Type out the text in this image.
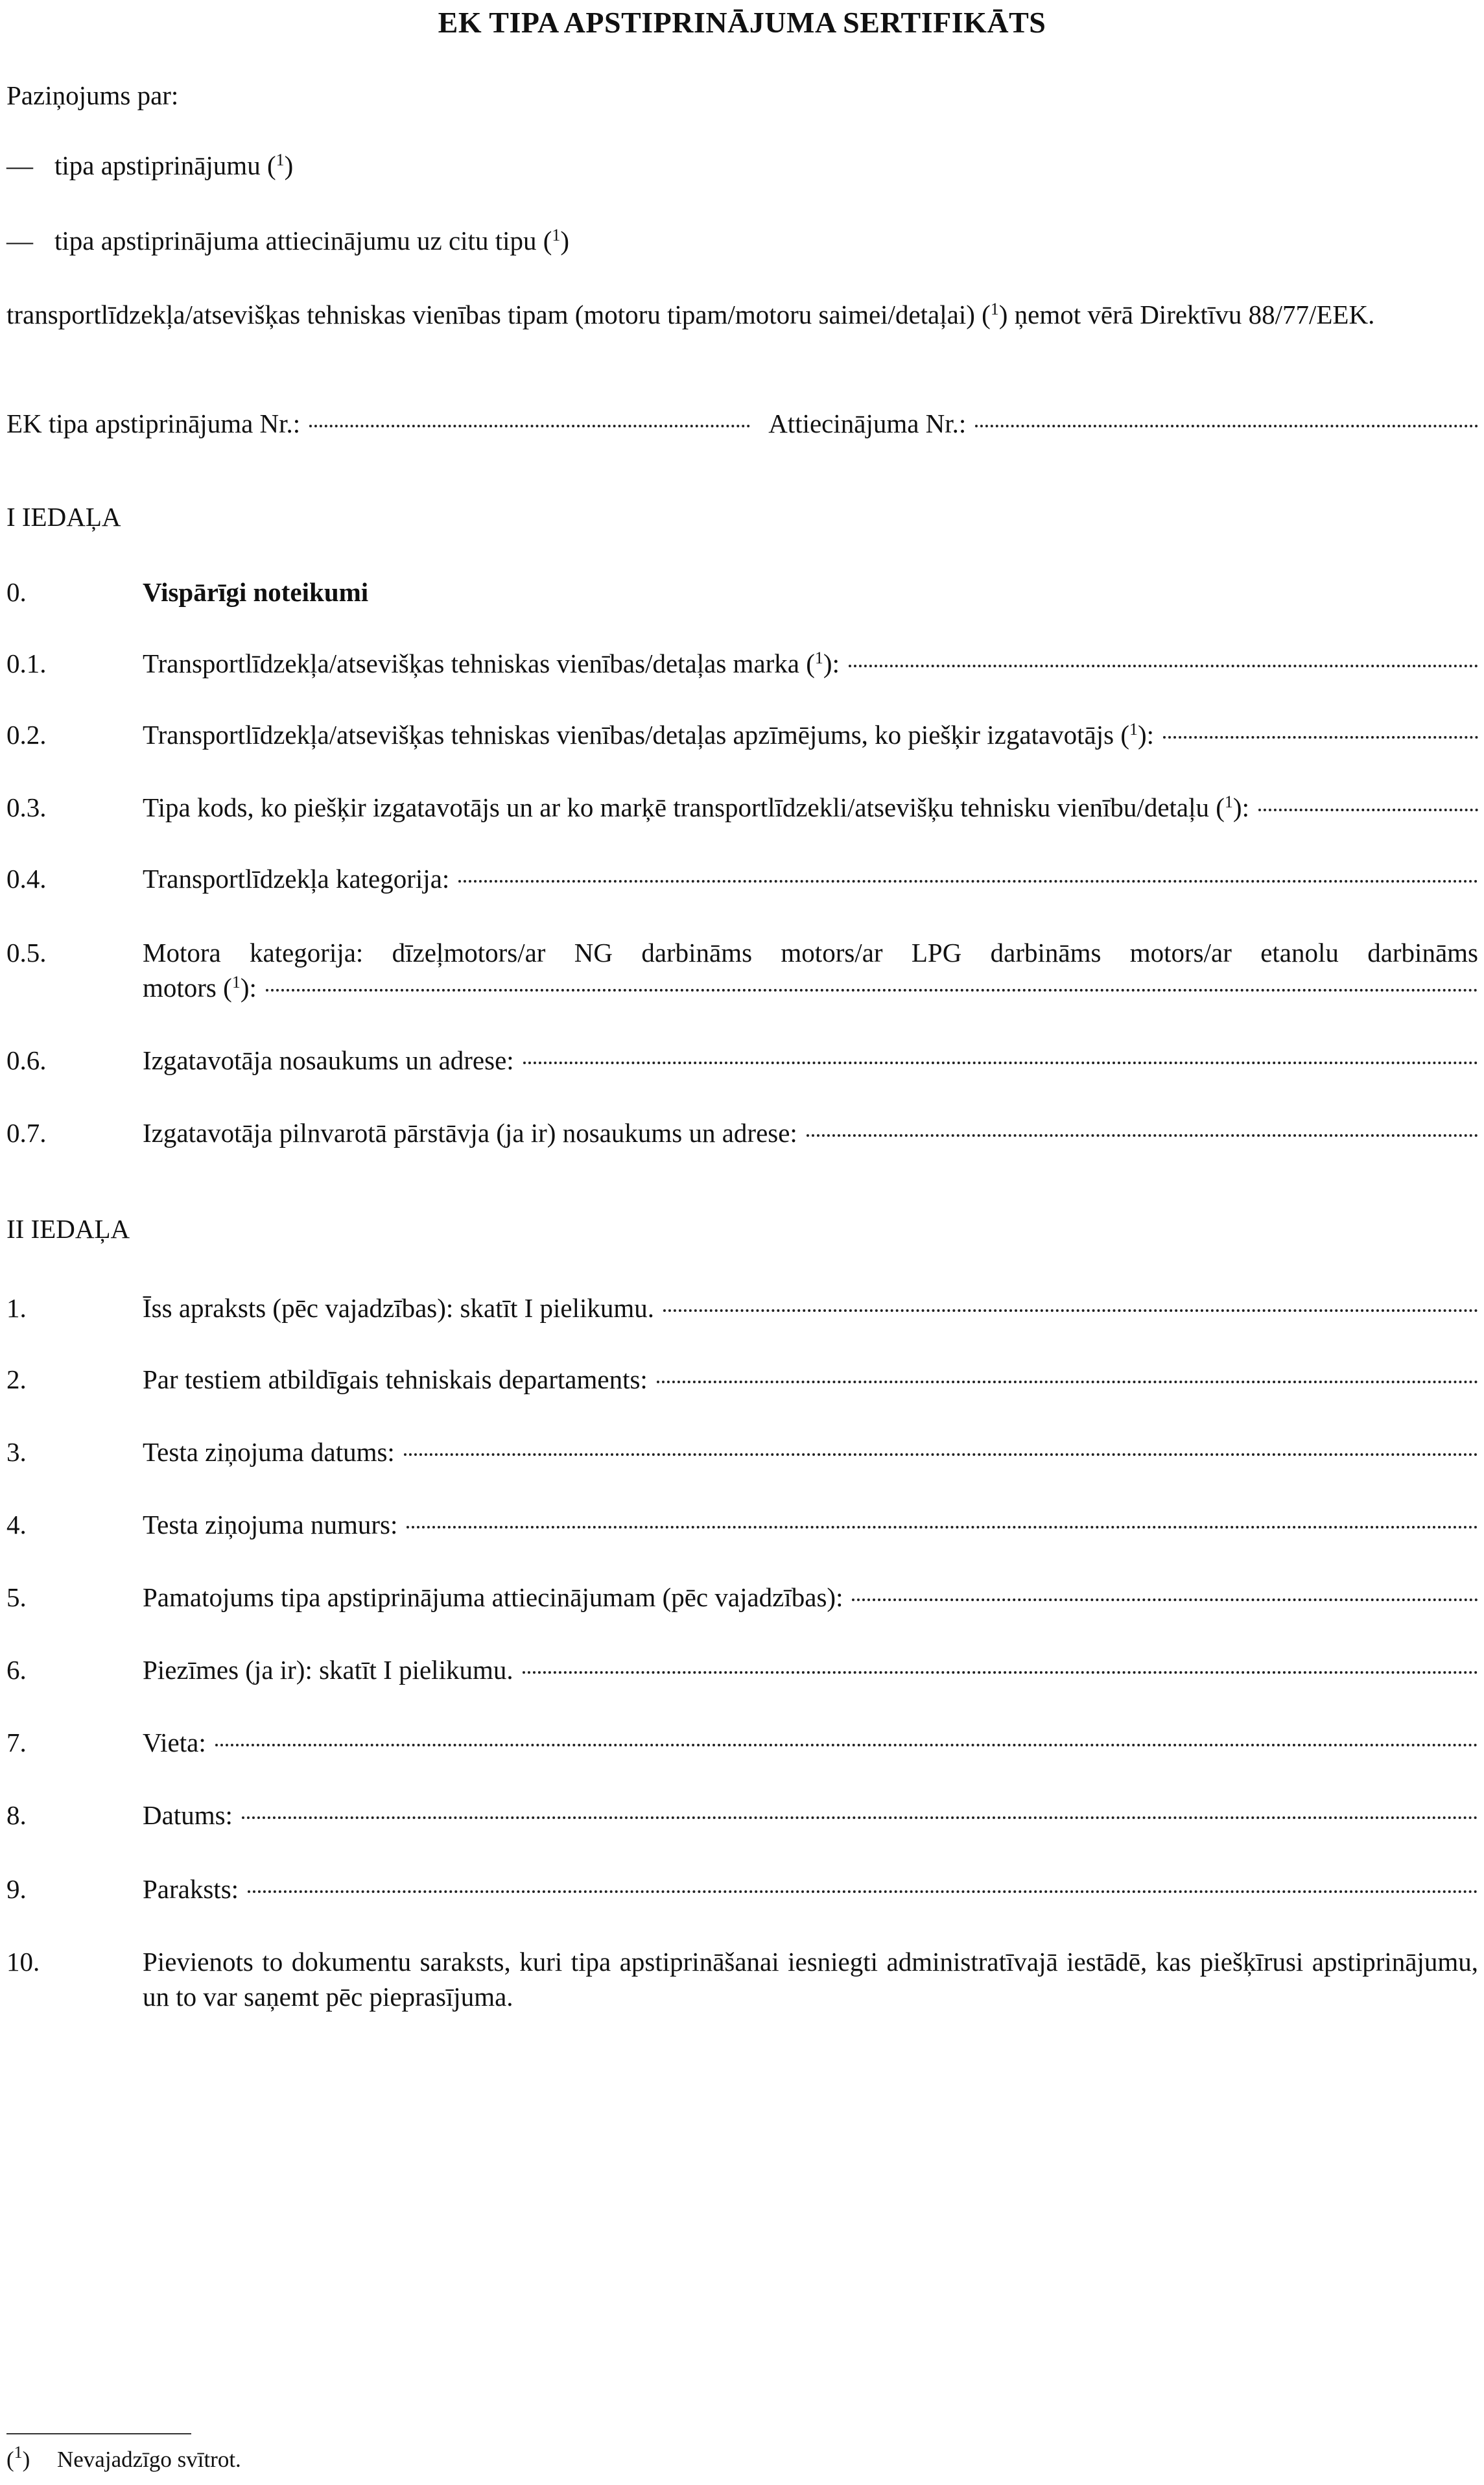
EK TIPA APSTIPRINĀJUMA SERTIFIKĀTS
Paziņojums par:
— tipa apstiprinājumu ($^1$)
— tipa apstiprinājuma attiecinājumu uz citu tipu ($^1$)
transportlīdzekļa/atsevišķas tehniskas vienības tipam (motoru tipam/motoru saimei/detaļai) ($^1$) ņemot vērā Direktīvu 88/77/EEK.
EK tipa apstiprinājuma Nr.:	Attiecinājuma Nr.:
I IEDAĻA
0.	Vispārīgi noteikumi
0.1.	Transportlīdzekļa/atsevišķas tehniskas vienības/detaļas marka
($^1$) :
0.2.	Transportlīdzekļa/atsevišķas tehniskas vienības/detaļas apzīmējums, ko piešķir izgatavotājs
($^1$) :
0.3.	Tipa kods, ko piešķir izgatavotājs un ar ko marķē transportlīdzekli/atsevišķu tehnisku vienību/detaļu
($^1$) :
0.4.	Transportlīdzekļa kategorija:
0.5.	Motora kategorija: dīzeļmotors/ar NG darbināms motors/ar LPG darbināms motors/ar etanolu darbināms
motors
($^1$) :
0.6.	Izgatavotāja nosaukums un adrese:
0.7.	Izgatavotāja pilnvarotā pārstāvja (ja ir) nosaukums un adrese:
II IEDAĻA
1.	Īss apraksts (pēc vajadzības): skatīt I pielikumu.
2.	Par testiem atbildīgais tehniskais departaments:
3.	Testa ziņojuma datums:
4.	Testa ziņojuma numurs:
5.	Pamatojums tipa apstiprinājuma attiecinājumam (pēc vajadzības):
6.	Piezīmes (ja ir): skatīt I pielikumu.
7.	Vieta:
8.	Datums:
9.	Paraksts:
10.	Pievienots to dokumentu saraksts, kuri tipa apstiprināšanai iesniegti administratīvajā iestādē, kas piešķīrusi apstiprinājumu, un to var saņemt pēc pieprasījuma.
($^1$) Nevajadzīgo svītrot.
